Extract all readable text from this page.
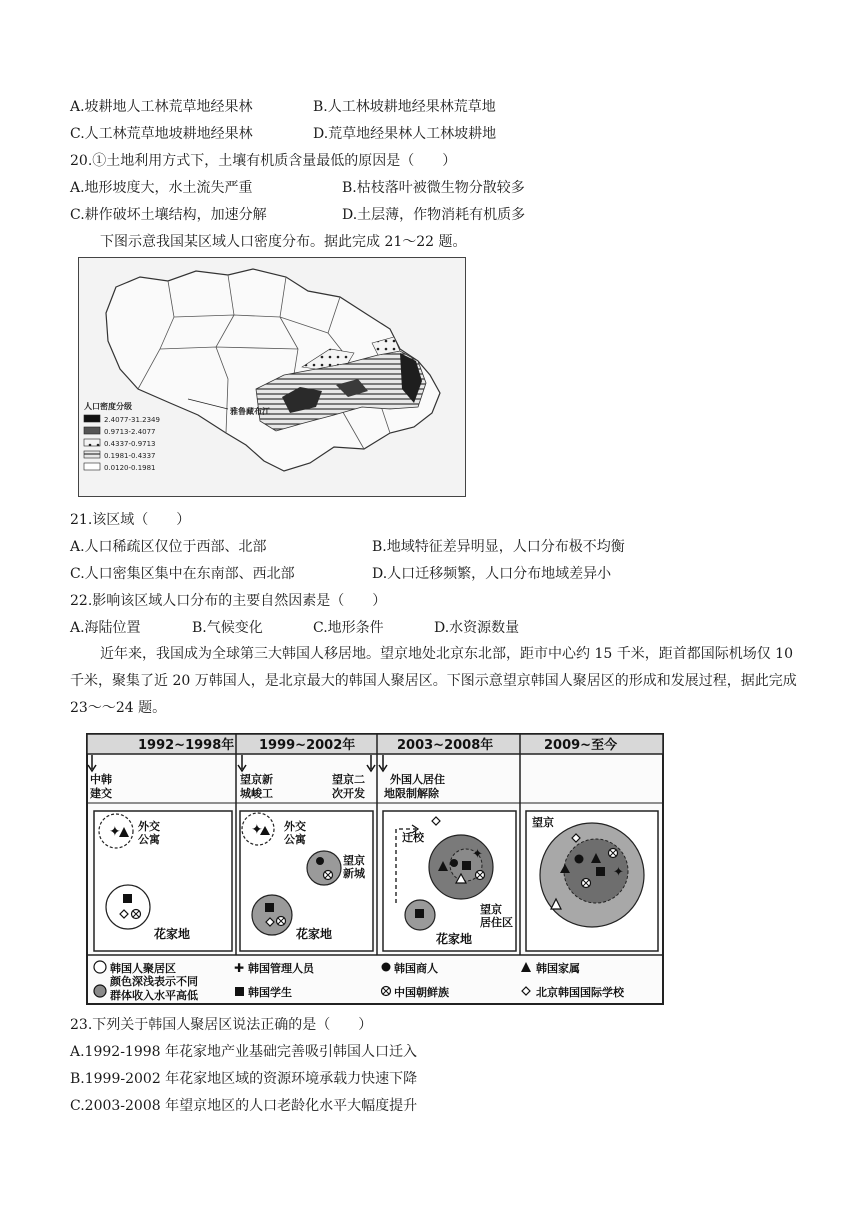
A.坡耕地人工林荒草地经果林	B.人工林坡耕地经果林荒草地
C.人工林荒草地坡耕地经果林	D.荒草地经果林人工林坡耕地
20.①土地利用方式下，土壤有机质含量最低的原因是（　　）
A.地形坡度大，水土流失严重	B.枯枝落叶被微生物分散较多
C.耕作破坏土壤结构，加速分解	D.土层薄，作物消耗有机质多
下图示意我国某区域人口密度分布。据此完成 21～22 题。
人口密度分级
2.4077-31.2349
0.9713-2.4077
0.4337-0.9713
0.1981-0.4337
0.0120-0.1981
雅鲁藏布江
21.该区域（　　）
A.人口稀疏区仅位于西部、北部	B.地域特征差异明显，人口分布极不均衡
C.人口密集区集中在东南部、西北部	D.人口迁移频繁，人口分布地域差异小
22.影响该区域人口分布的主要自然因素是（　　）
A.海陆位置	B.气候变化	C.地形条件	D.水资源数量
近年来，我国成为全球第三大韩国人移居地。望京地处北京东北部，距市中心约 15 千米，距首都国际机场仅 10 千米，聚集了近 20 万韩国人，是北京最大的韩国人聚居区。下图示意望京韩国人聚居区的形成和发展过程，据此完成 23～～24 题。
1992~1998年 1999~2002年	2003~2008年	2009~至今
中韩建交
望京新城峻工
望京二次开发
外国人居住地限制解除
✦ 外交公寓
花家地
✦ 外交公寓
望京新城
花家地
迁校
✦
望京居住区
花家地
望京
✦
韩国人聚居区	✚ 韩国管理人员	韩国商人	韩国家属
颜色深浅表示不同群体收入水平高低	韩国学生	中国朝鲜族	北京韩国国际学校
23.下列关于韩国人聚居区说法正确的是（　　）
A.1992-1998 年花家地产业基础完善吸引韩国人口迁入
B.1999-2002 年花家地区域的资源环境承载力快速下降
C.2003-2008 年望京地区的人口老龄化水平大幅度提升
